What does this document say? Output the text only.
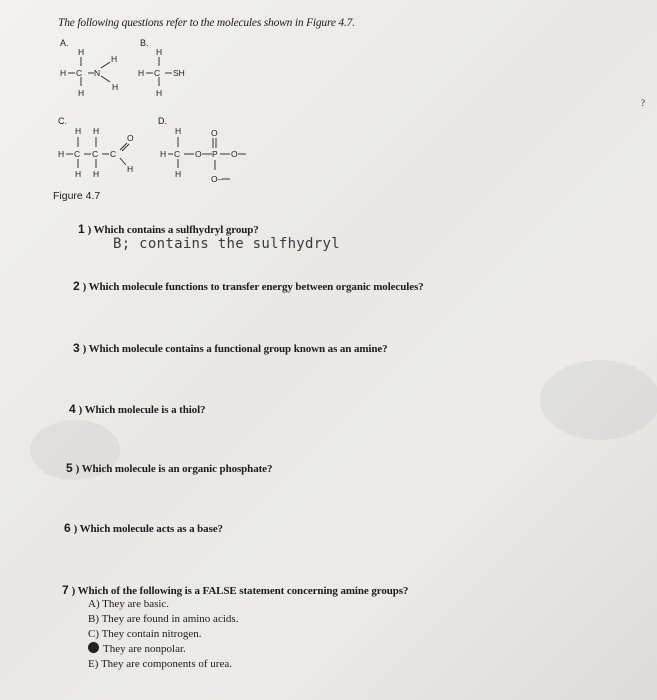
The following questions refer to the molecules shown in Figure 4.7.
A.	B.
C.	D.
H
H C N
H
H
H
H
H C SH
H
H H
H C C C
O
H
H H
H
H C O
O
P O
H	O–
Figure 4.7
1 ) Which contains a sulfhydryl group?
B; contains the sulfhydryl
2 ) Which molecule functions to transfer energy between organic molecules?
3 ) Which molecule contains a functional group known as an amine?
4 ) Which molecule is a thiol?
5 ) Which molecule is an organic phosphate?
6 ) Which molecule acts as a base?
7 ) Which of the following is a FALSE statement concerning amine groups?
A) They are basic.
B) They are found in amino acids.
C) They contain nitrogen.
They are nonpolar.
E) They are components of urea.
?
